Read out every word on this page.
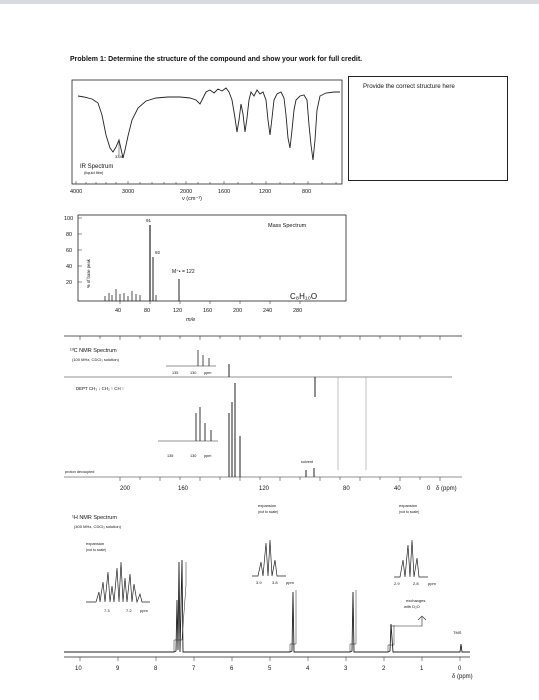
Problem 1: Determine the structure of the compound and show your work for full credit.
Provide the correct structure here
3340
IR Spectrum
(liquid film)
4000	3000	2000	1600	1200	800
ν (cm⁻¹)
Mass Spectrum
% of base peak
100
80
60
40
20
91
92
M⁺• = 122
C₈H₁₀O
40	80	120	160	200	240	280
m/e
¹³C NMR Spectrum
(100 MHz, CDCl₃ solution)
135	130 ppm
DEPT CH₃ ↓ CH₂ ↑ CH ↑
135	130 ppm
proton decoupled
solvent
200	160	120	80	40	0 δ (ppm)
¹H NMR Spectrum
(400 MHz, CDCl₃ solution)
expansion
(not to scale)
7.3	7.2 ppm
expansion
(not to scale)
3.9	3.8 ppm
expansion
(not to scale)
2.9	2.8 ppm
exchanges
with D₂O
TMS
10	9	8	7	6	5	4	3	2	1	0
δ (ppm)
